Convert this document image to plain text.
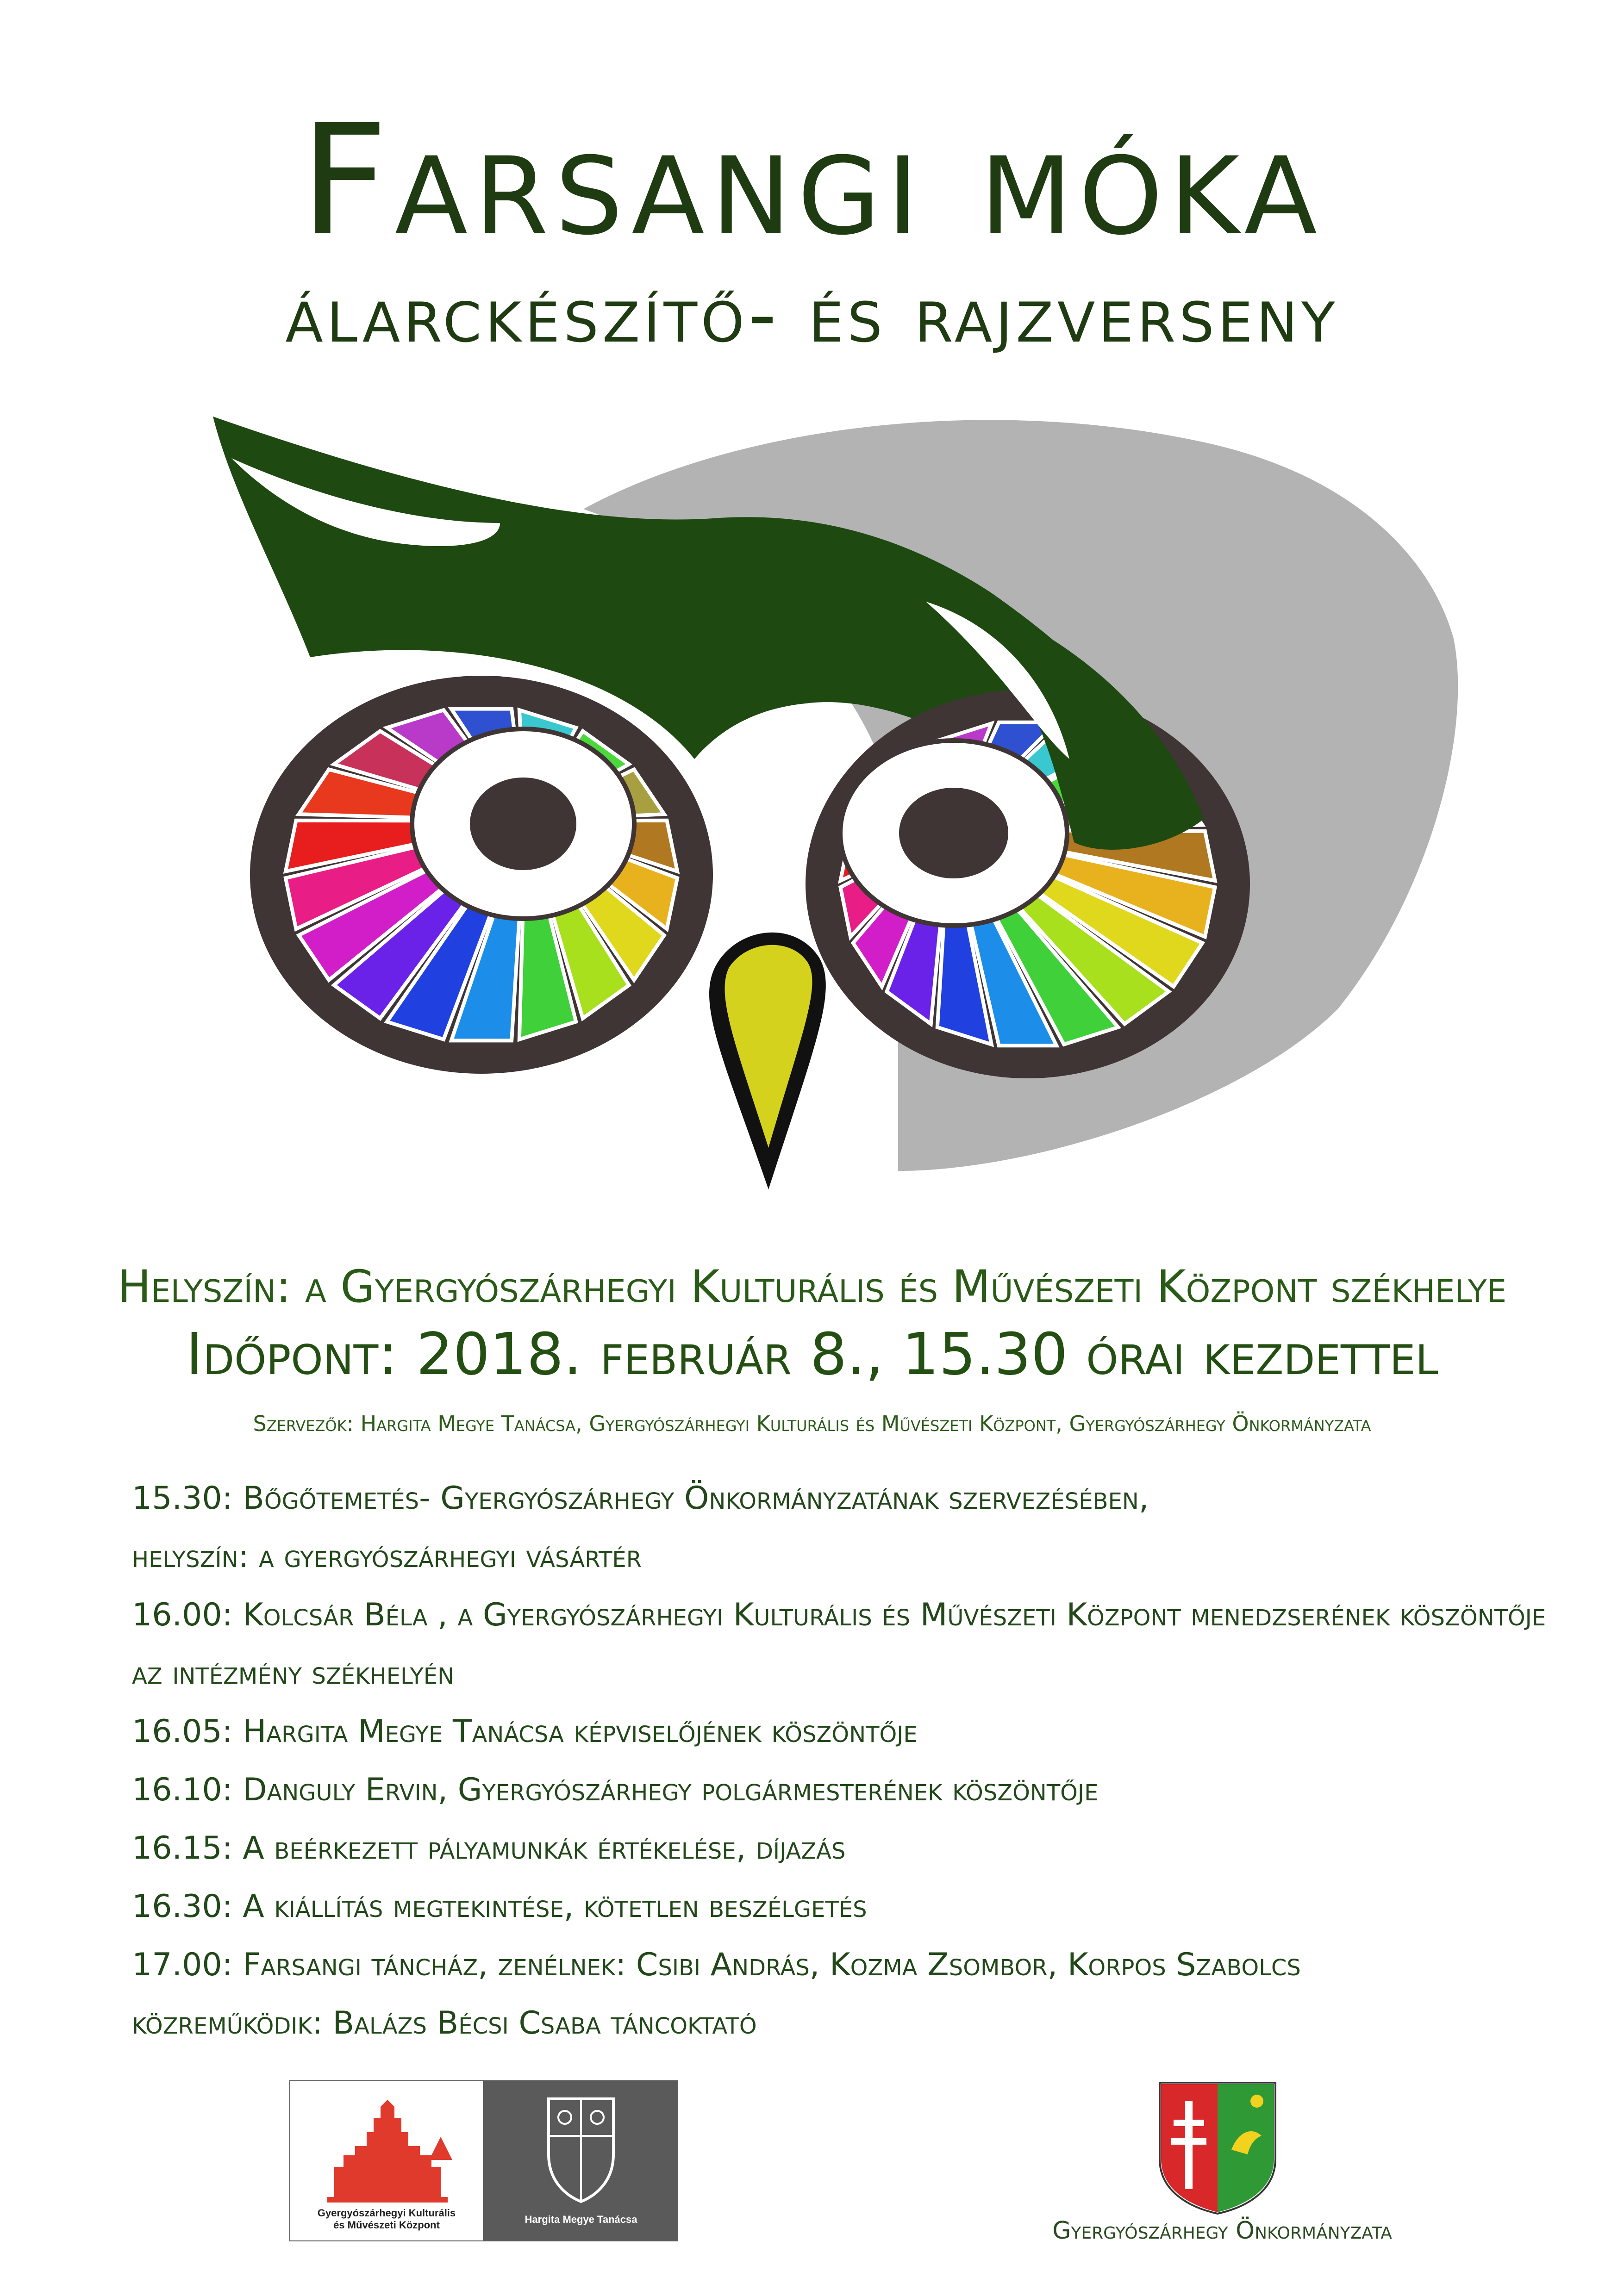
Farsangi móka
álarckészítő- és rajzverseny
Helyszín: a Gyergyószárhegyi Kulturális és Művészeti Központ székhelye
Időpont: 2018. február 8., 15.30 órai kezdettel
Szervezők: Hargita Megye Tanácsa, Gyergyószárhegyi Kulturális és Művészeti Központ, Gyergyószárhegy Önkormányzata
15.30: Bőgőtemetés- Gyergyószárhegy Önkormányzatának szervezésében,
helyszín: a gyergyószárhegyi vásártér
16.00: Kolcsár Béla , a Gyergyószárhegyi Kulturális és Művészeti Központ menedzserének köszöntője
az intézmény székhelyén
16.05: Hargita Megye Tanácsa képviselőjének köszöntője
16.10: Danguly Ervin, Gyergyószárhegy polgármesterének köszöntője
16.15: A beérkezett pályamunkák értékelése, díjazás
16.30: A kiállítás megtekintése, kötetlen beszélgetés
17.00: Farsangi táncház, zenélnek: Csibi András, Kozma Zsombor, Korpos Szabolcs
közreműködik: Balázs Bécsi Csaba táncoktató
Gyergyószárhegyi Kulturális
és Művészeti Központ	Hargita Megye Tanácsa	Gyergyószárhegy Önkormányzata
